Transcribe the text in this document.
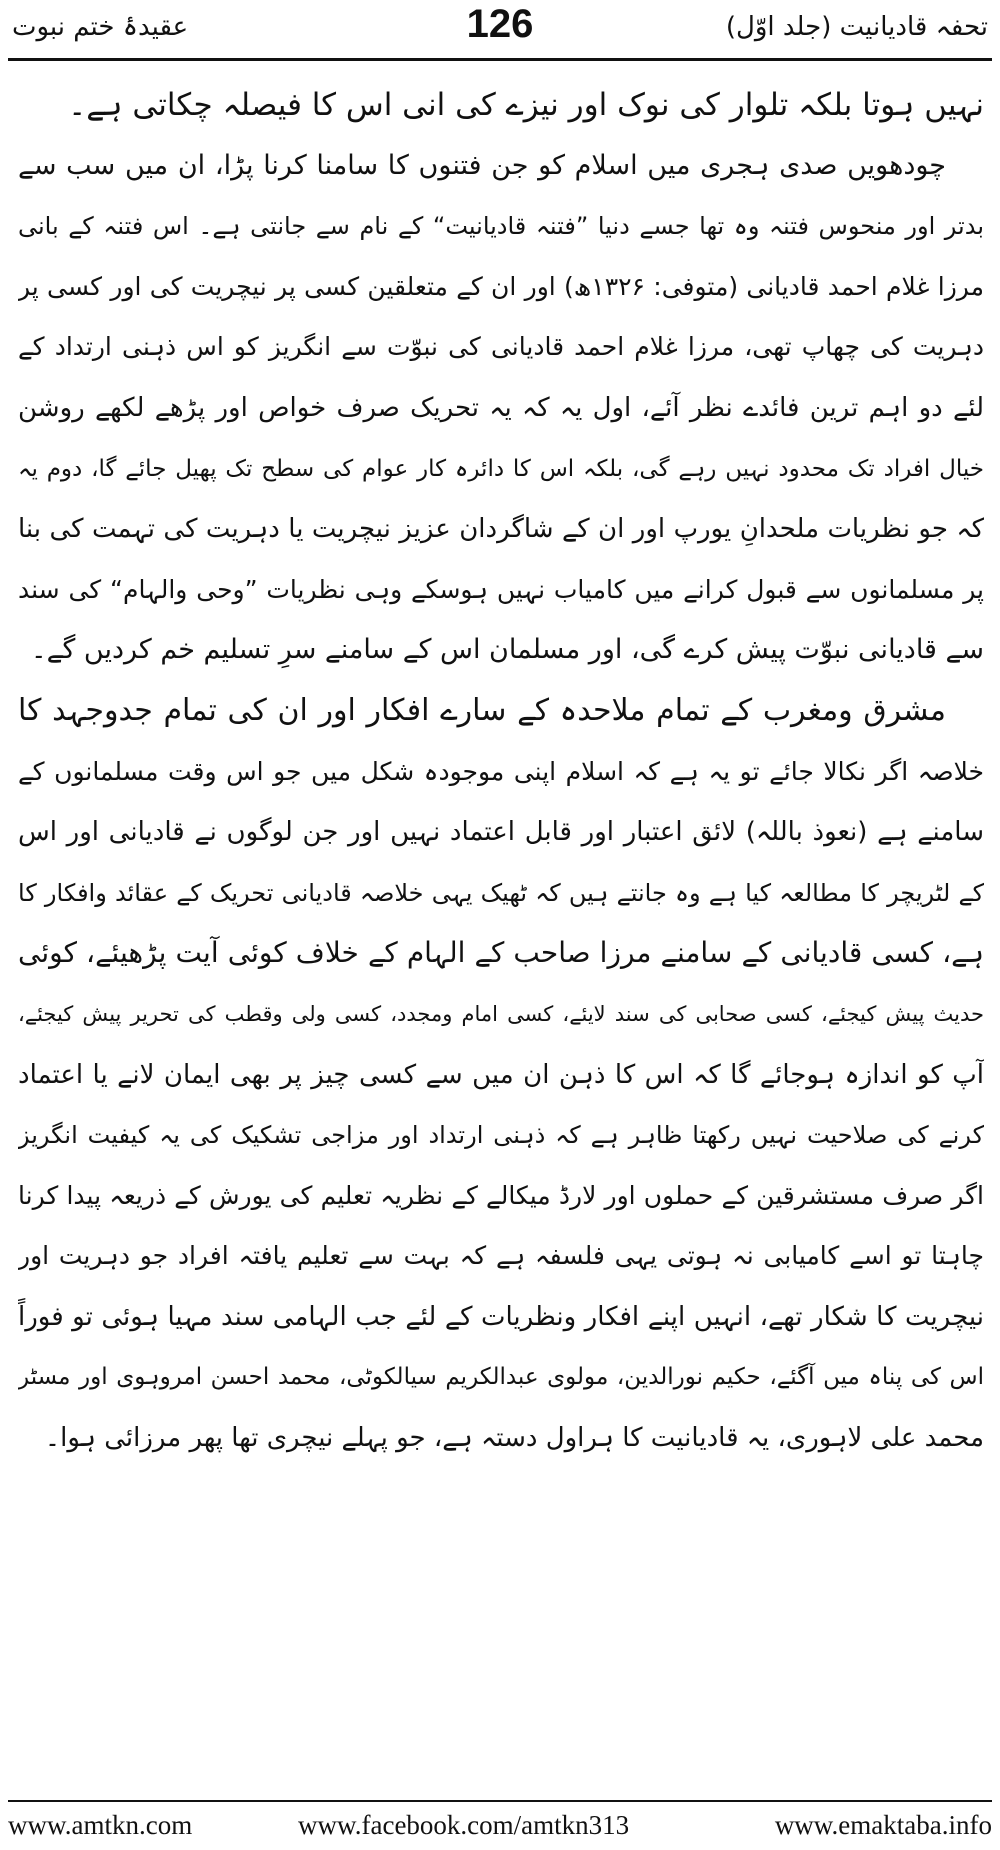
عقیدۂ ختم نبوت	126	تحفہ قادیانیت (جلد اوّل)
نہیں ہوتا بلکہ تلوار کی نوک اور نیزے کی انی اس کا فیصلہ چکاتی ہے۔
چودھویں صدی ہجری میں اسلام کو جن فتنوں کا سامنا کرنا پڑا، ان میں سب سے
بدتر اور منحوس فتنہ وہ تھا جسے دنیا ”فتنہ قادیانیت“ کے نام سے جانتی ہے۔ اس فتنہ کے بانی
مرزا غلام احمد قادیانی (متوفی: ۱۳۲۶ھ) اور ان کے متعلقین کسی پر نیچریت کی اور کسی پر
دہریت کی چھاپ تھی، مرزا غلام احمد قادیانی کی نبوّت سے انگریز کو اس ذہنی ارتداد کے
لئے دو اہم ترین فائدے نظر آئے، اول یہ کہ یہ تحریک صرف خواص اور پڑھے لکھے روشن
خیال افراد تک محدود نہیں رہے گی، بلکہ اس کا دائرہ کار عوام کی سطح تک پھیل جائے گا، دوم یہ
کہ جو نظریات ملحدانِ یورپ اور ان کے شاگردان عزیز نیچریت یا دہریت کی تہمت کی بنا
پر مسلمانوں سے قبول کرانے میں کامیاب نہیں ہوسکے وہی نظریات ”وحی والہام“ کی سند
سے قادیانی نبوّت پیش کرے گی، اور مسلمان اس کے سامنے سرِ تسلیم خم کردیں گے۔
مشرق ومغرب کے تمام ملاحدہ کے سارے افکار اور ان کی تمام جدوجہد کا
خلاصہ اگر نکالا جائے تو یہ ہے کہ اسلام اپنی موجودہ شکل میں جو اس وقت مسلمانوں کے
سامنے ہے (نعوذ باللہ) لائق اعتبار اور قابل اعتماد نہیں اور جن لوگوں نے قادیانی اور اس
کے لٹریچر کا مطالعہ کیا ہے وہ جانتے ہیں کہ ٹھیک یہی خلاصہ قادیانی تحریک کے عقائد وافکار کا
ہے، کسی قادیانی کے سامنے مرزا صاحب کے الہام کے خلاف کوئی آیت پڑھیئے، کوئی
حدیث پیش کیجئے، کسی صحابی کی سند لایئے، کسی امام ومجدد، کسی ولی وقطب کی تحریر پیش کیجئے،
آپ کو اندازہ ہوجائے گا کہ اس کا ذہن ان میں سے کسی چیز پر بھی ایمان لانے یا اعتماد
کرنے کی صلاحیت نہیں رکھتا ظاہر ہے کہ ذہنی ارتداد اور مزاجی تشکیک کی یہ کیفیت انگریز
اگر صرف مستشرقین کے حملوں اور لارڈ میکالے کے نظریہ تعلیم کی یورش کے ذریعہ پیدا کرنا
چاہتا تو اسے کامیابی نہ ہوتی یہی فلسفہ ہے کہ بہت سے تعلیم یافتہ افراد جو دہریت اور
نیچریت کا شکار تھے، انہیں اپنے افکار ونظریات کے لئے جب الہامی سند مہیا ہوئی تو فوراً
اس کی پناہ میں آگئے، حکیم نورالدین، مولوی عبدالکریم سیالکوٹی، محمد احسن امروہوی اور مسٹر
محمد علی لاہوری، یہ قادیانیت کا ہراول دستہ ہے، جو پہلے نیچری تھا پھر مرزائی ہوا۔
www.amtkn.com	www.facebook.com/amtkn313	www.emaktaba.info
